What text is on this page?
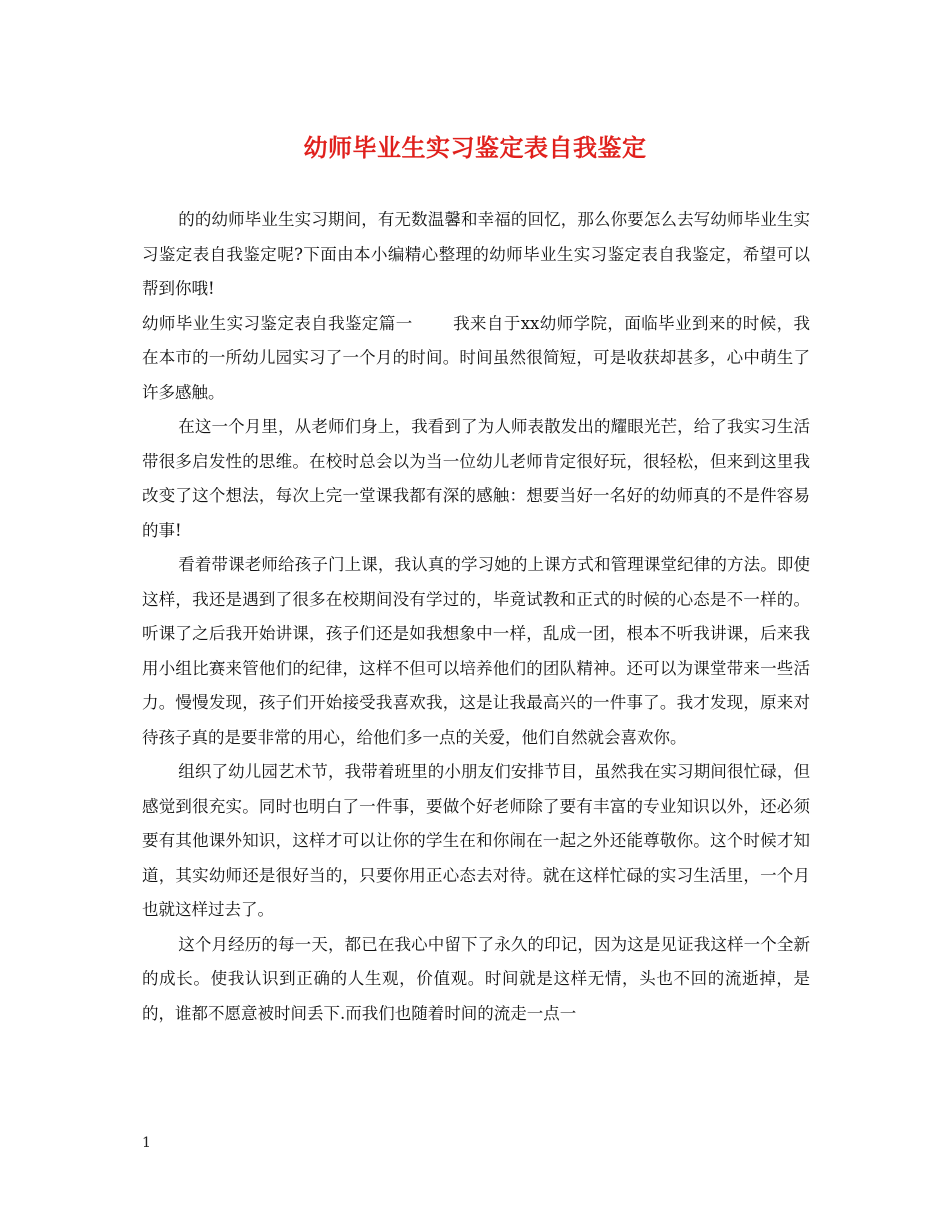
幼师毕业生实习鉴定表自我鉴定

的的幼师毕业生实习期间，有无数温馨和幸福的回忆，那么你要怎么去写幼师毕业生实习鉴定表自我鉴定呢?下面由本小编精心整理的幼师毕业生实习鉴定表自我鉴定，希望可以帮到你哦!

幼师毕业生实习鉴定表自我鉴定篇一 我来自于xx幼师学院，面临毕业到来的时候，我在本市的一所幼儿园实习了一个月的时间。时间虽然很简短，可是收获却甚多，心中萌生了许多感触。

在这一个月里，从老师们身上，我看到了为人师表散发出的耀眼光芒，给了我实习生活带很多启发性的思维。在校时总会以为当一位幼儿老师肯定很好玩，很轻松，但来到这里我改变了这个想法，每次上完一堂课我都有深的感触：想要当好一名好的幼师真的不是件容易的事!

看着带课老师给孩子门上课，我认真的学习她的上课方式和管理课堂纪律的方法。即使这样，我还是遇到了很多在校期间没有学过的，毕竟试教和正式的时候的心态是不一样的。听课了之后我开始讲课，孩子们还是如我想象中一样，乱成一团，根本不听我讲课，后来我用小组比赛来管他们的纪律，这样不但可以培养他们的团队精神。还可以为课堂带来一些活力。慢慢发现，孩子们开始接受我喜欢我，这是让我最高兴的一件事了。我才发现，原来对待孩子真的是要非常的用心，给他们多一点的关爱，他们自然就会喜欢你。

组织了幼儿园艺术节，我带着班里的小朋友们安排节目，虽然我在实习期间很忙碌，但感觉到很充实。同时也明白了一件事，要做个好老师除了要有丰富的专业知识以外，还必须要有其他课外知识，这样才可以让你的学生在和你闹在一起之外还能尊敬你。这个时候才知道，其实幼师还是很好当的，只要你用正心态去对待。就在这样忙碌的实习生活里，一个月也就这样过去了。

这个月经历的每一天，都已在我心中留下了永久的印记，因为这是见证我这样一个全新的成长。使我认识到正确的人生观，价值观。时间就是这样无情，头也不回的流逝掉，是的，谁都不愿意被时间丢下.而我们也随着时间的流走一点一

1
